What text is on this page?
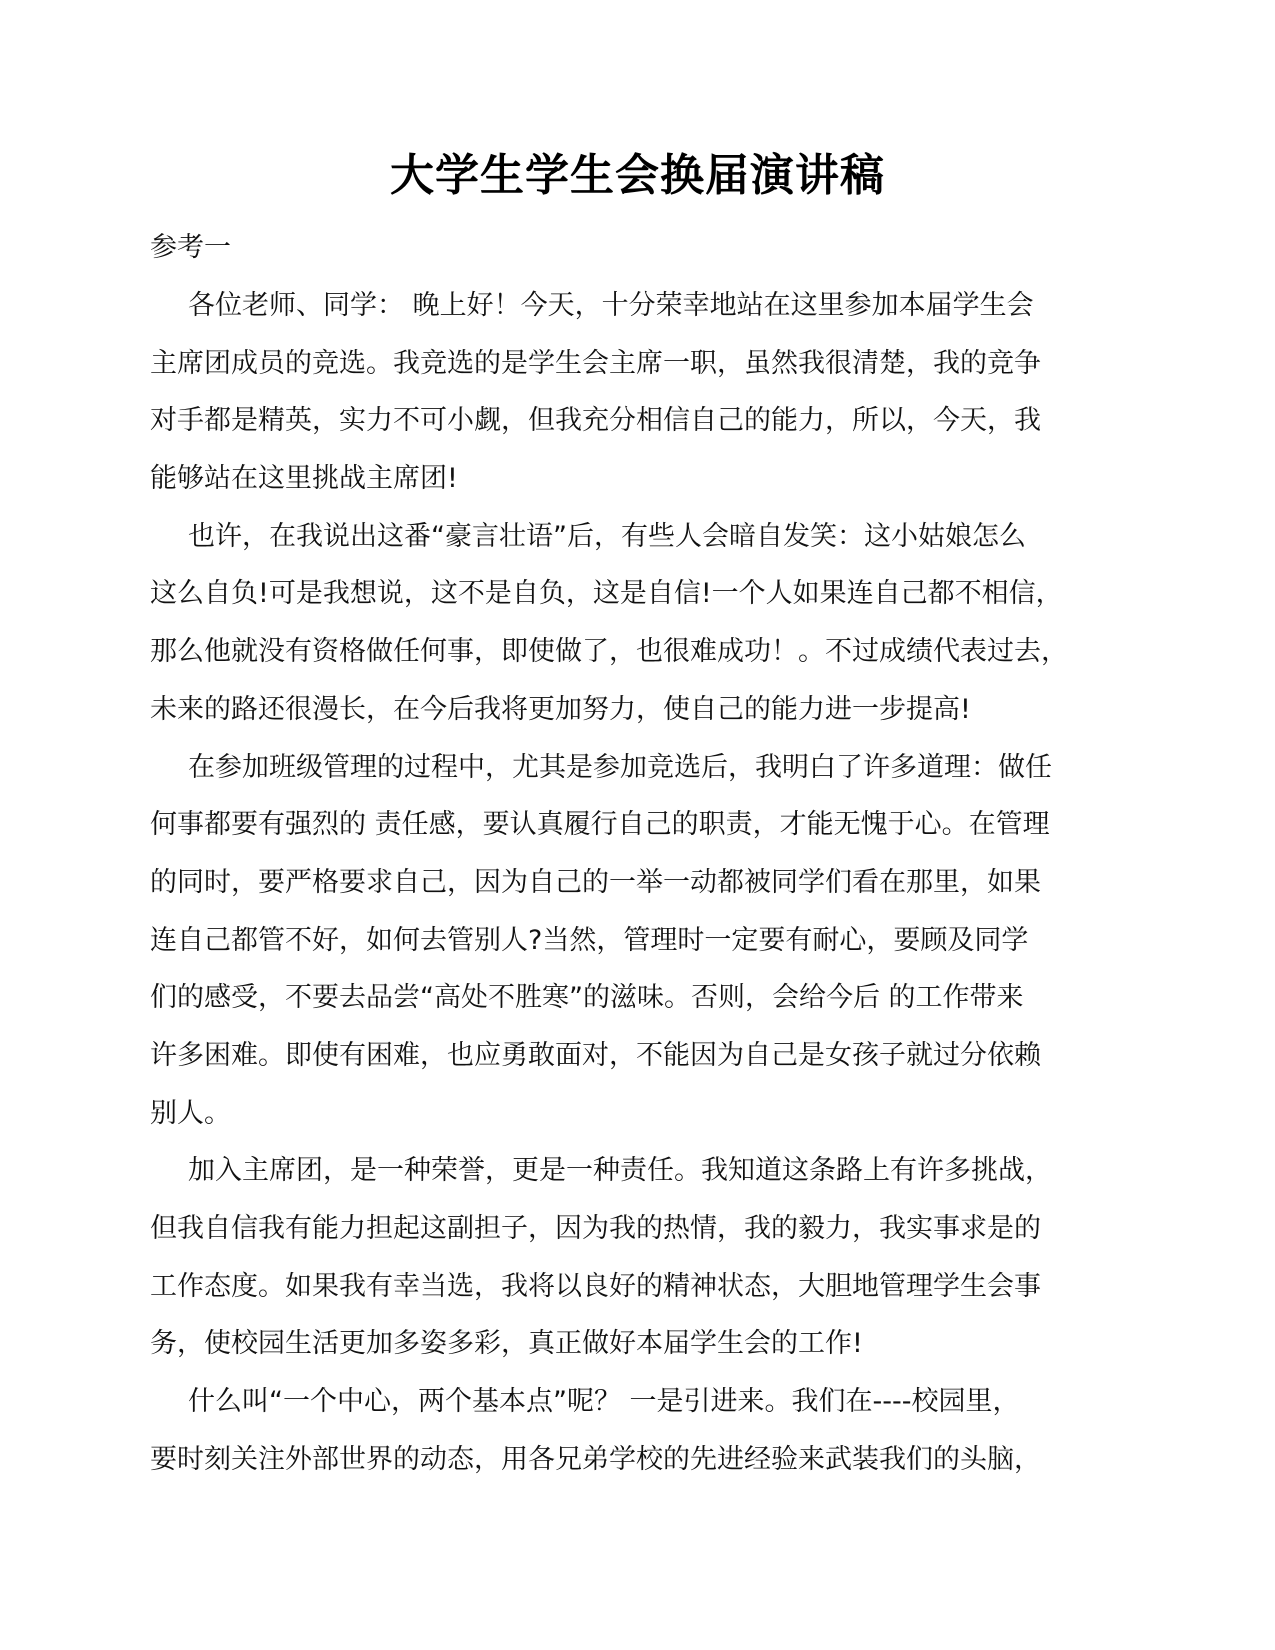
大学生学生会换届演讲稿
参考一
各位老师、同学： 晚上好！今天，十分荣幸地站在这里参加本届学生会
主席团成员的竞选。我竞选的是学生会主席一职，虽然我很清楚，我的竞争
对手都是精英，实力不可小觑，但我充分相信自己的能力，所以，今天，我
能够站在这里挑战主席团!
也许，在我说出这番“豪言壮语”后，有些人会暗自发笑：这小姑娘怎么
这么自负!可是我想说，这不是自负，这是自信!一个人如果连自己都不相信，
那么他就没有资格做任何事，即使做了，也很难成功！。不过成绩代表过去，
未来的路还很漫长，在今后我将更加努力，使自己的能力进一步提高!
在参加班级管理的过程中，尤其是参加竞选后，我明白了许多道理：做任
何事都要有强烈的 责任感，要认真履行自己的职责，才能无愧于心。在管理
的同时，要严格要求自己，因为自己的一举一动都被同学们看在那里，如果
连自己都管不好，如何去管别人?当然，管理时一定要有耐心，要顾及同学
们的感受，不要去品尝“高处不胜寒”的滋味。否则，会给今后 的工作带来
许多困难。即使有困难，也应勇敢面对，不能因为自己是女孩子就过分依赖
别人。
加入主席团，是一种荣誉，更是一种责任。我知道这条路上有许多挑战，
但我自信我有能力担起这副担子，因为我的热情，我的毅力，我实事求是的
工作态度。如果我有幸当选，我将以良好的精神状态，大胆地管理学生会事
务，使校园生活更加多姿多彩，真正做好本届学生会的工作!
什么叫“一个中心，两个基本点”呢？ 一是引进来。我们在----校园里，
要时刻关注外部世界的动态，用各兄弟学校的先进经验来武装我们的头脑，
